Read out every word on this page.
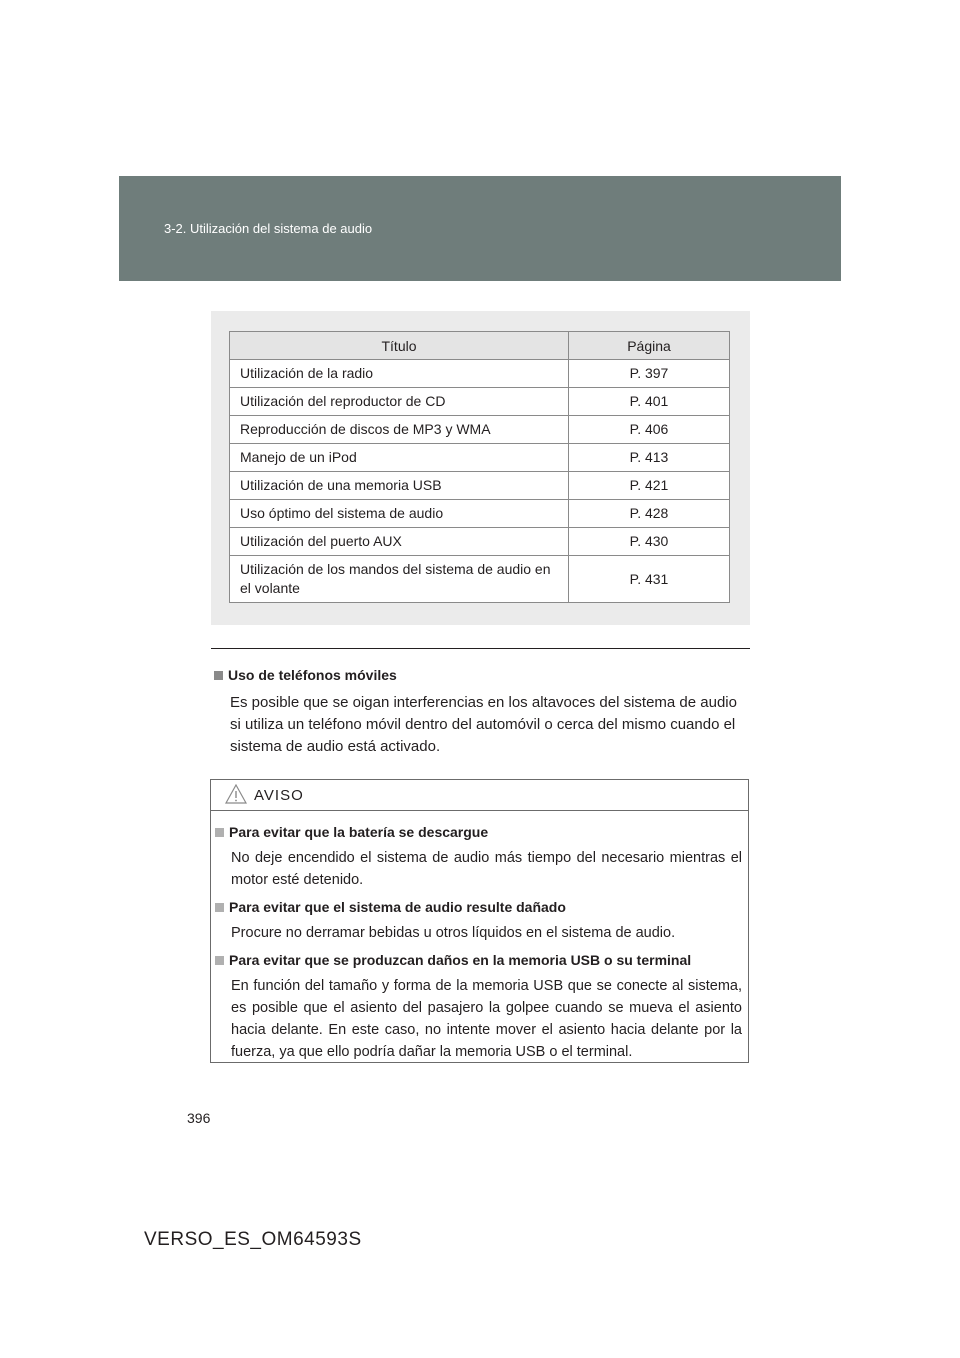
3-2. Utilización del sistema de audio
Título	Página
Utilización de la radio	P. 397
Utilización del reproductor de CD	P. 401
Reproducción de discos de MP3 y WMA	P. 406
Manejo de un iPod	P. 413
Utilización de una memoria USB	P. 421
Uso óptimo del sistema de audio	P. 428
Utilización del puerto AUX	P. 430
Utilización de los mandos del sistema de audio en el volante	P. 431
Uso de teléfonos móviles

Es posible que se oigan interferencias en los altavoces del sistema de audio si utiliza un teléfono móvil dentro del automóvil o cerca del mismo cuando el sistema de audio está activado.

AVISO
Para evitar que la batería se descargue

No deje encendido el sistema de audio más tiempo del necesario mientras el motor esté detenido.

Para evitar que el sistema de audio resulte dañado

Procure no derramar bebidas u otros líquidos en el sistema de audio.

Para evitar que se produzcan daños en la memoria USB o su terminal

En función del tamaño y forma de la memoria USB que se conecte al sistema, es posible que el asiento del pasajero la golpee cuando se mueva el asiento hacia delante. En este caso, no intente mover el asiento hacia delante por la fuerza, ya que ello podría dañar la memoria USB o el terminal.

396
VERSO_ES_OM64593S
